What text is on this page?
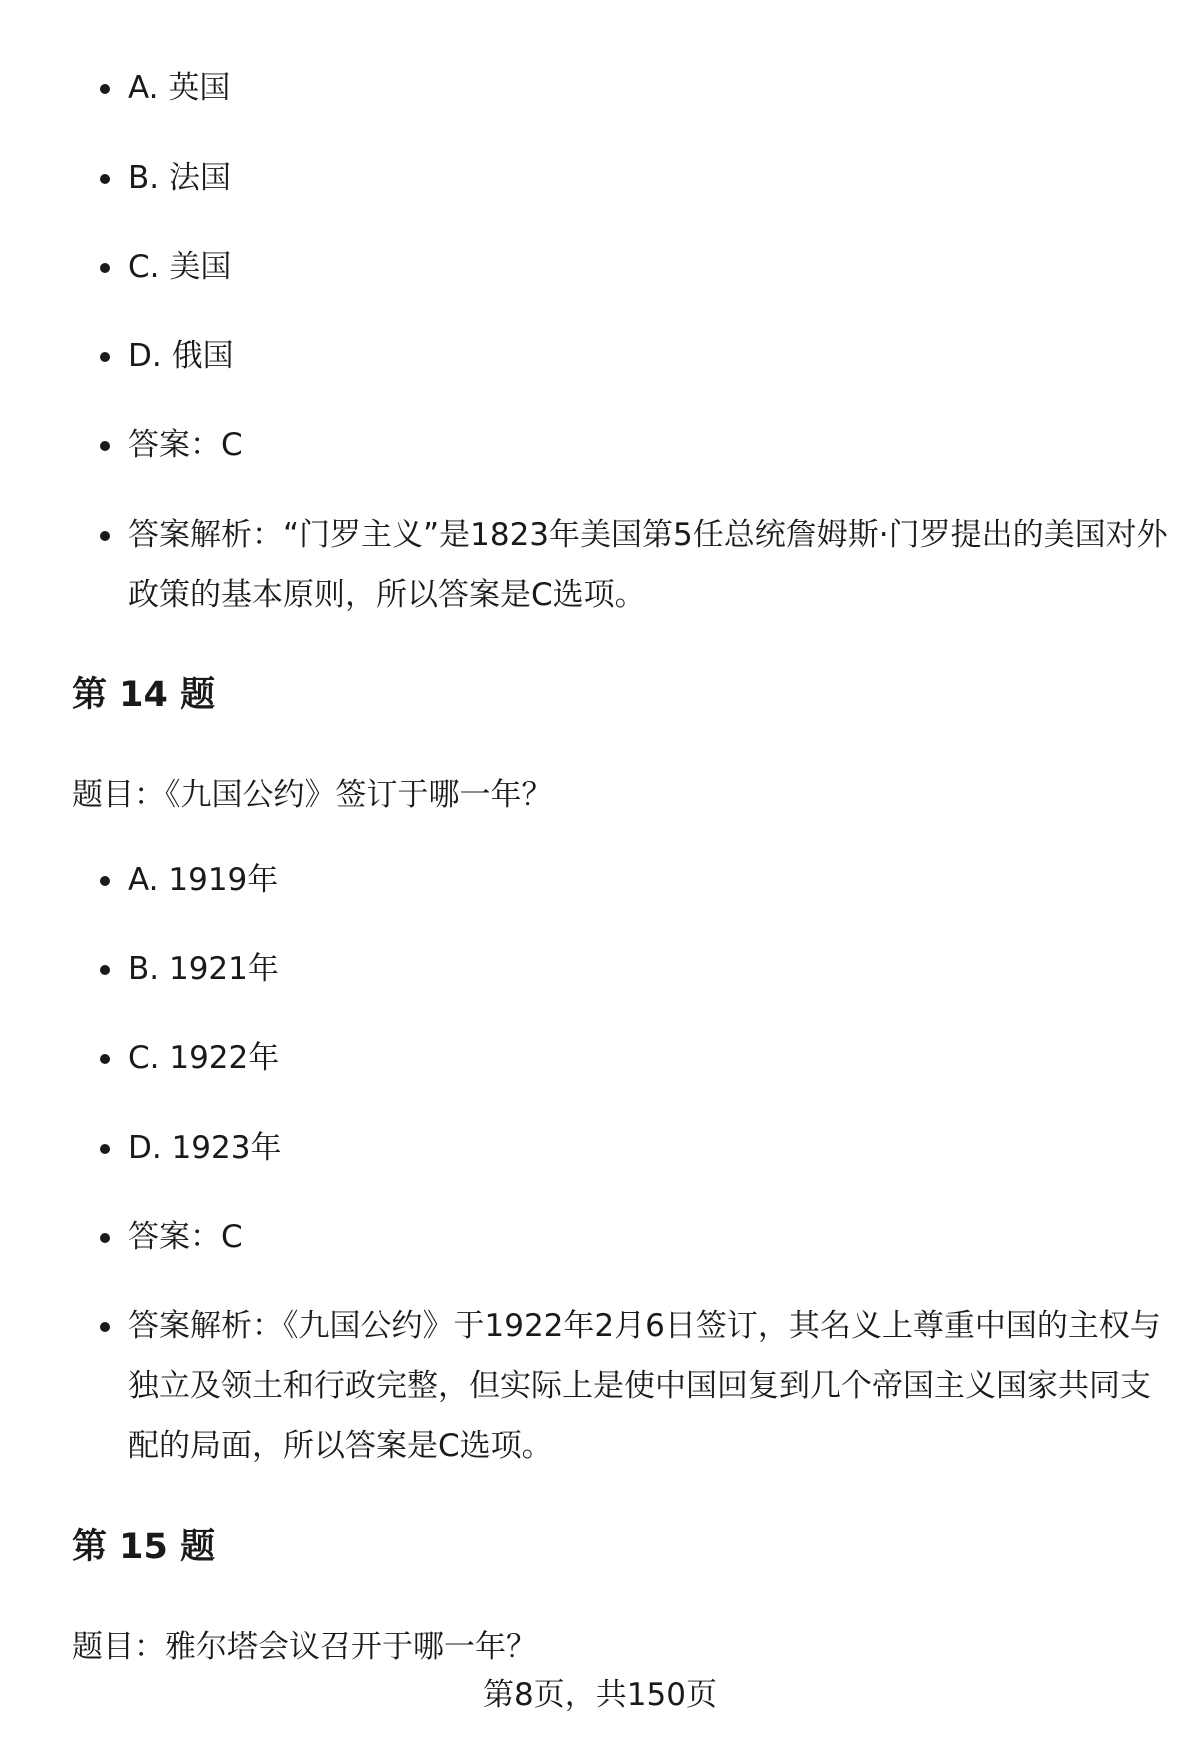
A. 英国
B. 法国
C. 美国
D. 俄国
答案：C
答案解析：“门罗主义”是1823年美国第5任总统詹姆斯·门罗提出的美国对外政策的基本原则，所以答案是C选项。
第 14 题

题目：《九国公约》签订于哪一年？

A. 1919年
B. 1921年
C. 1922年
D. 1923年
答案：C
答案解析：《九国公约》于1922年2月6日签订，其名义上尊重中国的主权与独立及领土和行政完整，但实际上是使中国回复到几个帝国主义国家共同支配的局面，所以答案是C选项。
第 15 题

题目：雅尔塔会议召开于哪一年？

第8页，共150页
